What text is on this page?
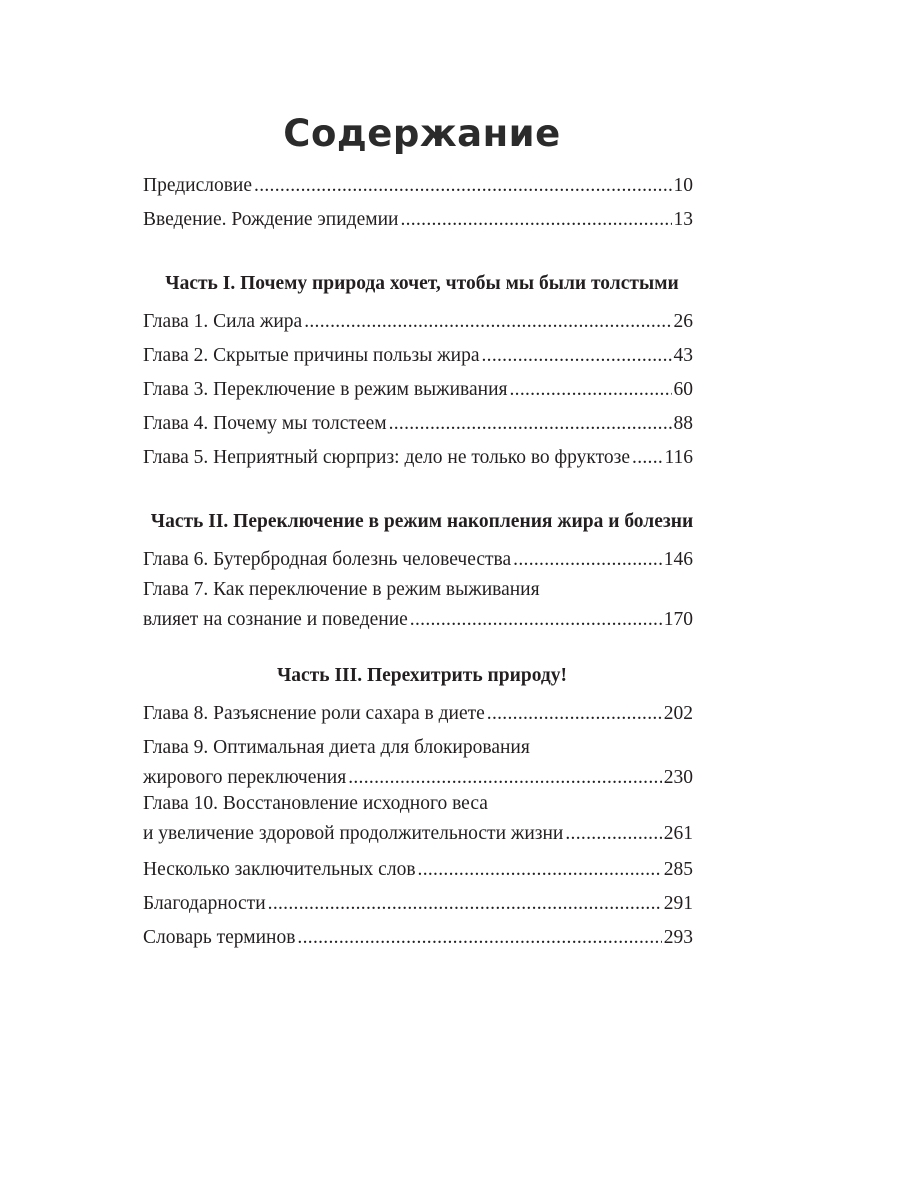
Содержание
Предисловие .....	10
Введение. Рождение эпидемии .....	13
Часть I. Почему природа хочет, чтобы мы были толстыми
Глава 1. Сила жира .....	26
Глава 2. Скрытые причины пользы жира .....	43
Глава 3. Переключение в режим выживания .....	60
Глава 4. Почему мы толстеем .....	88
Глава 5. Неприятный сюрприз: дело не только во фруктозе ..... 116
Часть II. Переключение в режим накопления жира и болезни
Глава 6. Бутербродная болезнь человечества .....	146
Глава 7. Как переключение в режим выживания
влияет на сознание и поведение .....	170
Часть III. Перехитрить природу!
Глава 8. Разъяснение роли сахара в диете .....	202
Глава 9. Оптимальная диета для блокирования
жирового переключения .....	230
Глава 10. Восстановление исходного веса
и увеличение здоровой продолжительности жизни .....	261
Несколько заключительных слов .....	285
Благодарности .....	291
Словарь терминов .....	293
